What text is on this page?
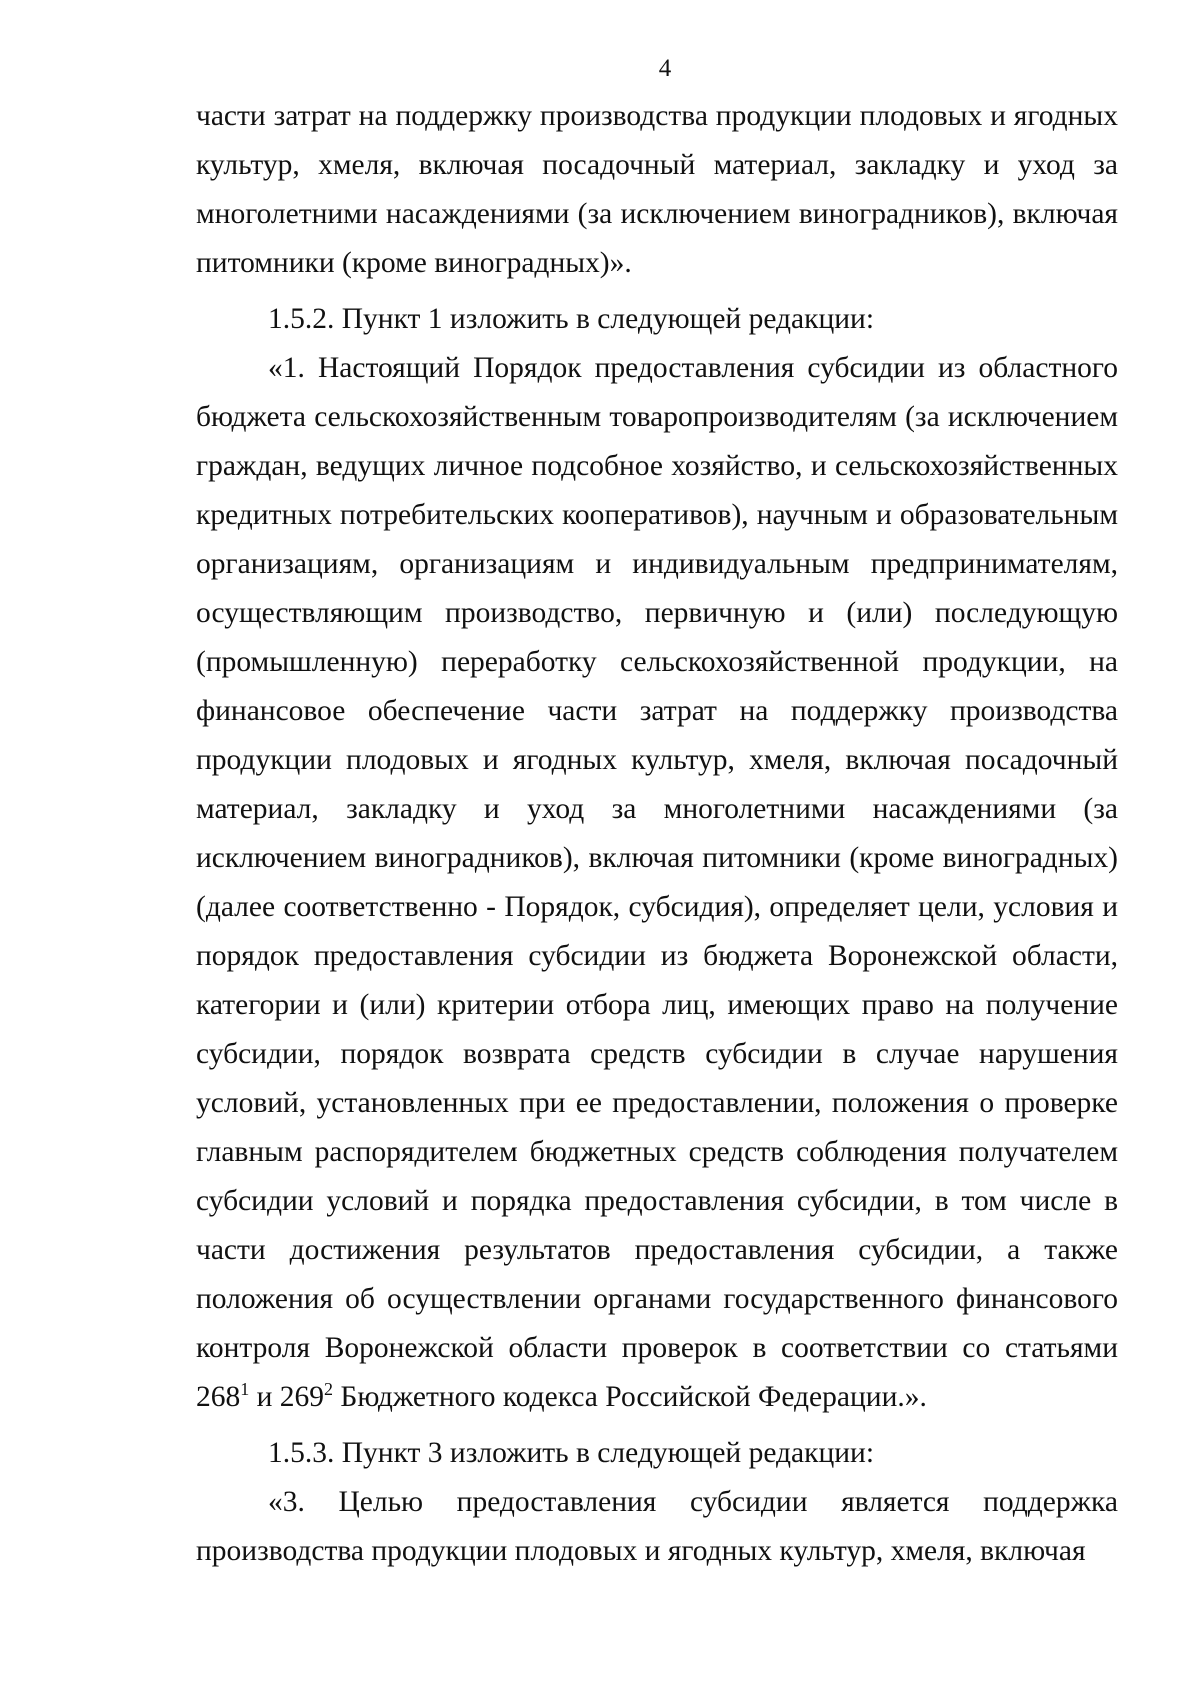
4

части затрат на поддержку производства продукции плодовых и ягодных культур, хмеля, включая посадочный материал, закладку и уход за многолетними насаждениями (за исключением виноградников), включая питомники (кроме виноградных)».

1.5.2. Пункт 1 изложить в следующей редакции:

«1. Настоящий Порядок предоставления субсидии из областного бюджета сельскохозяйственным товаропроизводителям (за исключением граждан, ведущих личное подсобное хозяйство, и сельскохозяйственных кредитных потребительских кооперативов), научным и образовательным организациям, организациям и индивидуальным предпринимателям, осуществляющим производство, первичную и (или) последующую (промышленную) переработку сельскохозяйственной продукции, на финансовое обеспечение части затрат на поддержку производства продукции плодовых и ягодных культур, хмеля, включая посадочный материал, закладку и уход за многолетними насаждениями (за исключением виноградников), включая питомники (кроме виноградных) (далее соответственно - Порядок, субсидия), определяет цели, условия и порядок предоставления субсидии из бюджета Воронежской области, категории и (или) критерии отбора лиц, имеющих право на получение субсидии, порядок возврата средств субсидии в случае нарушения условий, установленных при ее предоставлении, положения о проверке главным распорядителем бюджетных средств соблюдения получателем субсидии условий и порядка предоставления субсидии, в том числе в части достижения результатов предоставления субсидии, а также положения об осуществлении органами государственного финансового контроля Воронежской области проверок в соответствии со статьями $268^1$ и $269^2$ Бюджетного кодекса Российской Федерации.».

1.5.3. Пункт 3 изложить в следующей редакции:

«3. Целью предоставления субсидии является поддержка производства продукции плодовых и ягодных культур, хмеля, включая
